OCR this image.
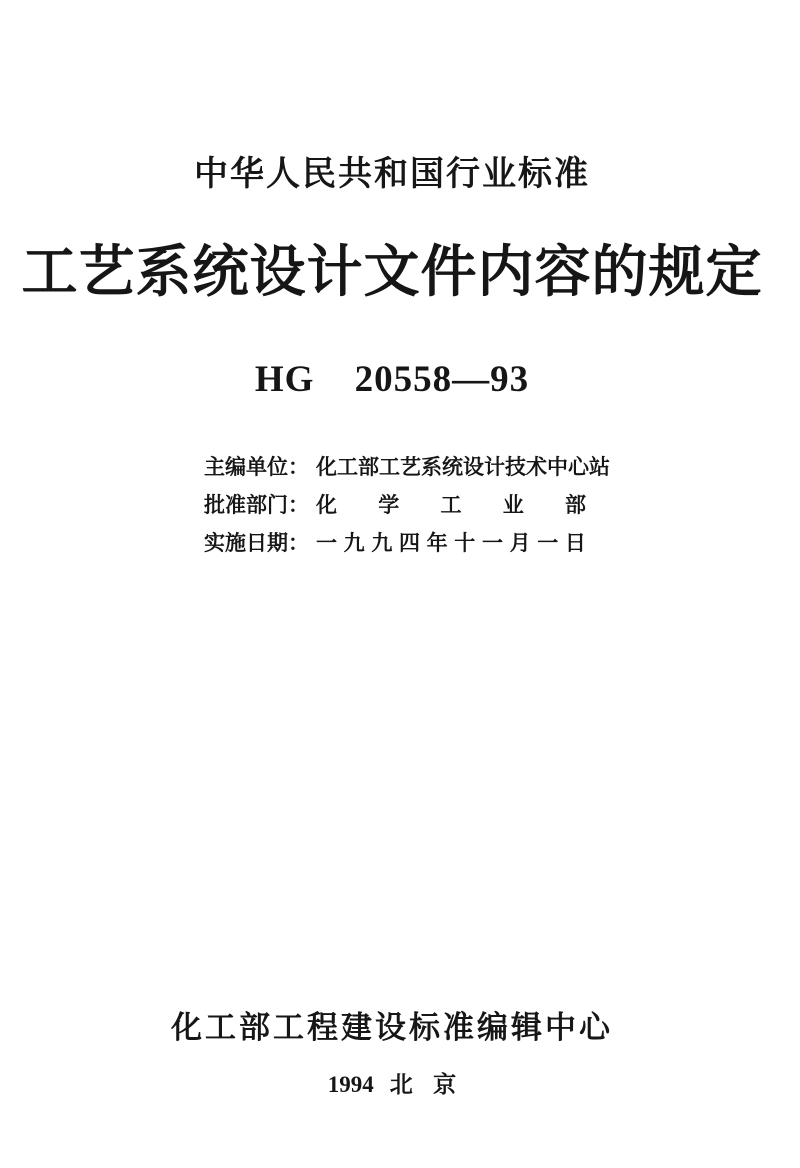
中华人民共和国行业标准
工艺系统设计文件内容的规定
HG 20558—93
主编单位： 化工部工艺系统设计技术中心站
批准部门： 化 学 工 业 部
实施日期： 一 九 九 四 年 十 一 月 一 日
化工部工程建设标准编辑中心
1994 北 京
